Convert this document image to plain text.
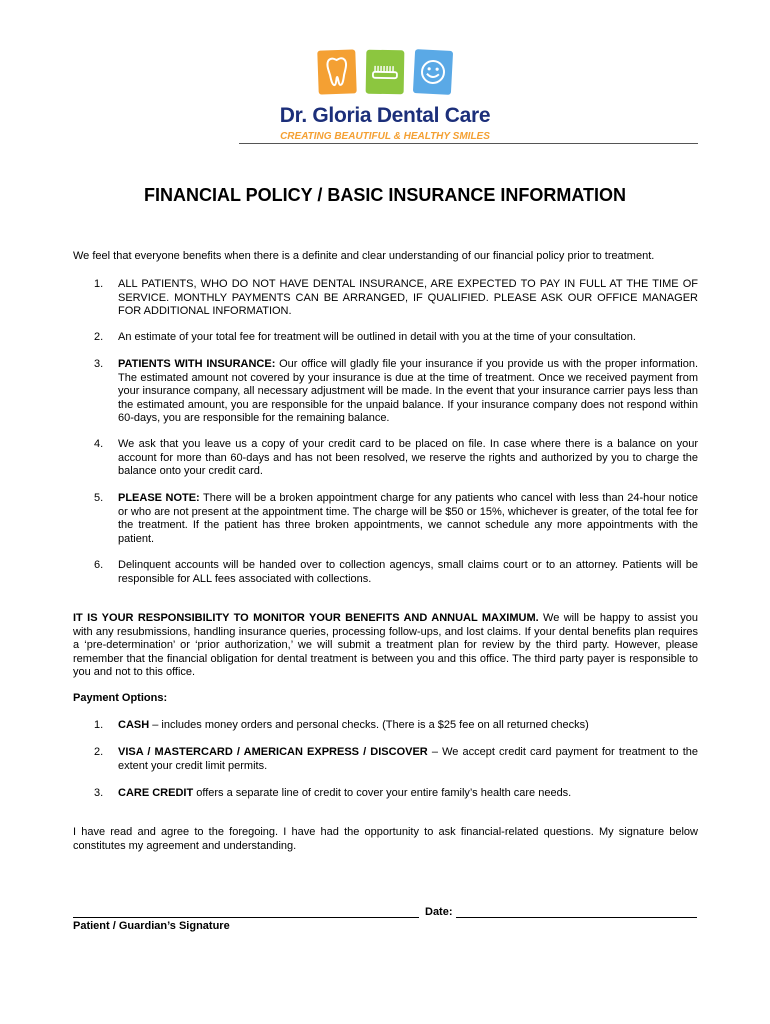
Dr. Gloria Dental Care
CREATING BEAUTIFUL & HEALTHY SMILES
FINANCIAL POLICY / BASIC INSURANCE INFORMATION
We feel that everyone benefits when there is a definite and clear understanding of our financial policy prior to treatment.
1. ALL PATIENTS, WHO DO NOT HAVE DENTAL INSURANCE, ARE EXPECTED TO PAY IN FULL AT THE TIME OF SERVICE. MONTHLY PAYMENTS CAN BE ARRANGED, IF QUALIFIED. PLEASE ASK OUR OFFICE MANAGER FOR ADDITIONAL INFORMATION.
2. An estimate of your total fee for treatment will be outlined in detail with you at the time of your consultation.
3. PATIENTS WITH INSURANCE: Our office will gladly file your insurance if you provide us with the proper information. The estimated amount not covered by your insurance is due at the time of treatment. Once we received payment from your insurance company, all necessary adjustment will be made. In the event that your insurance carrier pays less than the estimated amount, you are responsible for the unpaid balance. If your insurance company does not respond within 60-days, you are responsible for the remaining balance.
4. We ask that you leave us a copy of your credit card to be placed on file. In case where there is a balance on your account for more than 60-days and has not been resolved, we reserve the rights and authorized by you to charge the balance onto your credit card.
5. PLEASE NOTE: There will be a broken appointment charge for any patients who cancel with less than 24-hour notice or who are not present at the appointment time. The charge will be $50 or 15%, whichever is greater, of the total fee for the treatment. If the patient has three broken appointments, we cannot schedule any more appointments with the patient.
6. Delinquent accounts will be handed over to collection agencys, small claims court or to an attorney. Patients will be responsible for ALL fees associated with collections.
IT IS YOUR RESPONSIBILITY TO MONITOR YOUR BENEFITS AND ANNUAL MAXIMUM. We will be happy to assist you with any resubmissions, handling insurance queries, processing follow-ups, and lost claims. If your dental benefits plan requires a ‘pre-determination’ or ‘prior authorization,’ we will submit a treatment plan for review by the third party. However, please remember that the financial obligation for dental treatment is between you and this office. The third party payer is responsible to you and not to this office.
Payment Options:
1. CASH – includes money orders and personal checks. (There is a $25 fee on all returned checks)
2. VISA / MASTERCARD / AMERICAN EXPRESS / DISCOVER – We accept credit card payment for treatment to the extent your credit limit permits.
3. CARE CREDIT offers a separate line of credit to cover your entire family’s health care needs.
I have read and agree to the foregoing. I have had the opportunity to ask financial-related questions. My signature below constitutes my agreement and understanding.
Date:
Patient / Guardian’s Signature
